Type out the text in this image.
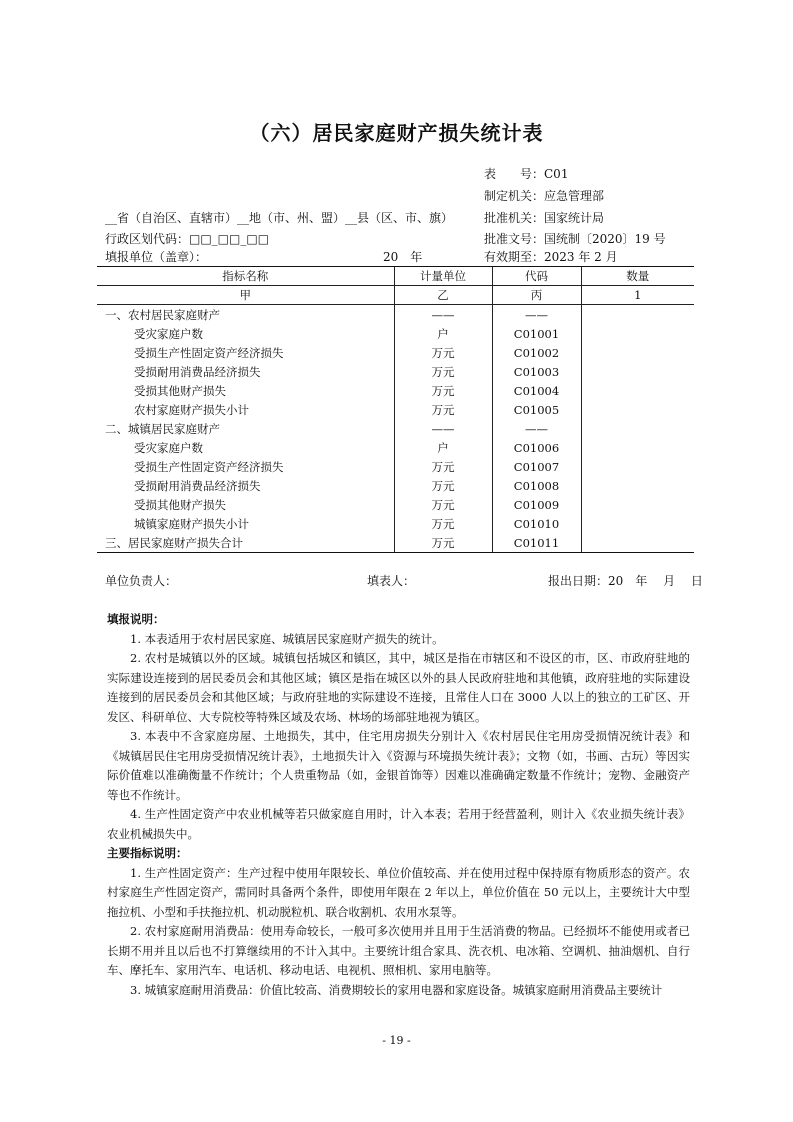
（六）居民家庭财产损失统计表
表　　号：C01
制定机关：应急管理部
批准机关：国家统计局
批准文号：国统制〔2020〕19 号
有效期至：2023 年 2 月
__省（自治区、直辖市）__地（市、州、盟）__县（区、市、旗）
行政区划代码：□□_□□_□□
填报单位（盖章）：	20　年
指标名称	计量单位	代码	数量
甲	乙	丙	1
一、农村居民家庭财产	——	——	
受灾家庭户数	户	C01001	
受损生产性固定资产经济损失	万元	C01002	
受损耐用消费品经济损失	万元	C01003	
受损其他财产损失	万元	C01004	
农村家庭财产损失小计	万元	C01005	
二、城镇居民家庭财产	——	——	
受灾家庭户数	户	C01006	
受损生产性固定资产经济损失	万元	C01007	
受损耐用消费品经济损失	万元	C01008	
受损其他财产损失	万元	C01009	
城镇家庭财产损失小计	万元	C01010	
三、居民家庭财产损失合计	万元	C01011	
单位负责人：	填表人：	报出日期：20　年　 月　 日
填报说明：

1. 本表适用于农村居民家庭、城镇居民家庭财产损失的统计。

2. 农村是城镇以外的区域。城镇包括城区和镇区，其中，城区是指在市辖区和不设区的市，区、市政府驻地的实际建设连接到的居民委员会和其他区域；镇区是指在城区以外的县人民政府驻地和其他镇，政府驻地的实际建设连接到的居民委员会和其他区域；与政府驻地的实际建设不连接，且常住人口在 3000 人以上的独立的工矿区、开发区、科研单位、大专院校等特殊区域及农场、林场的场部驻地视为镇区。

3. 本表中不含家庭房屋、土地损失，其中，住宅用房损失分别计入《农村居民住宅用房受损情况统计表》和《城镇居民住宅用房受损情况统计表》，土地损失计入《资源与环境损失统计表》；文物（如，书画、古玩）等因实际价值难以准确衡量不作统计；个人贵重物品（如，金银首饰等）因难以准确确定数量不作统计；宠物、金融资产等也不作统计。

4. 生产性固定资产中农业机械等若只做家庭自用时，计入本表；若用于经营盈利，则计入《农业损失统计表》农业机械损失中。

主要指标说明：

1. 生产性固定资产：生产过程中使用年限较长、单位价值较高、并在使用过程中保持原有物质形态的资产。农村家庭生产性固定资产，需同时具备两个条件，即使用年限在 2 年以上，单位价值在 50 元以上，主要统计大中型拖拉机、小型和手扶拖拉机、机动脱粒机、联合收割机、农用水泵等。

2. 农村家庭耐用消费品：使用寿命较长，一般可多次使用并且用于生活消费的物品。已经损坏不能使用或者已长期不用并且以后也不打算继续用的不计入其中。主要统计组合家具、洗衣机、电冰箱、空调机、抽油烟机、自行车、摩托车、家用汽车、电话机、移动电话、电视机、照相机、家用电脑等。

3. 城镇家庭耐用消费品：价值比较高、消费期较长的家用电器和家庭设备。城镇家庭耐用消费品主要统计

- 19 -
